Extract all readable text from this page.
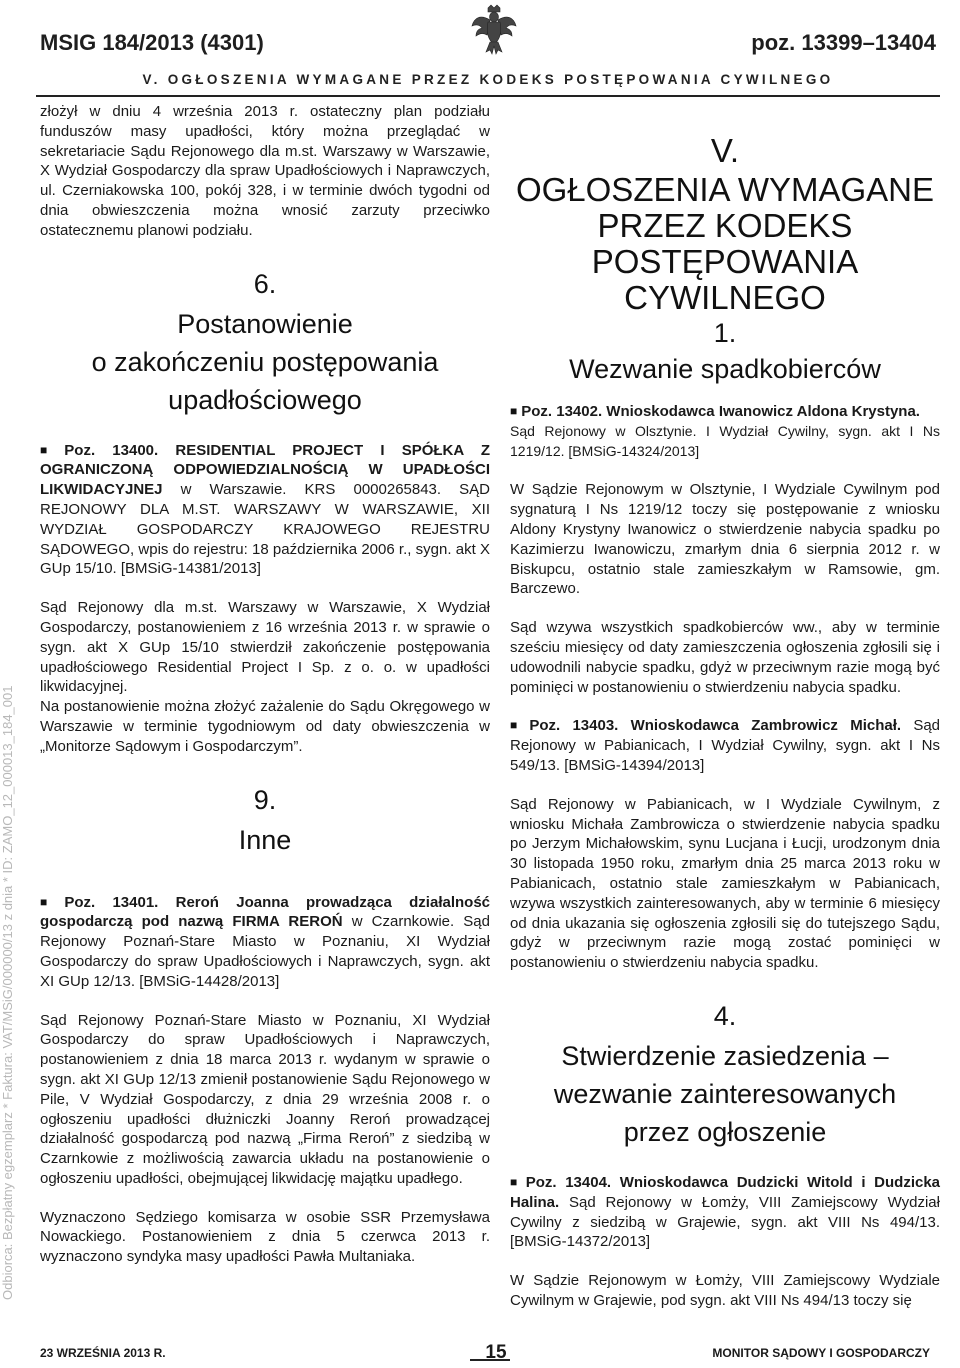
MSIG 184/2013 (4301)	poz. 13399–13404
V. OGŁOSZENIA WYMAGANE PRZEZ KODEKS POSTĘPOWANIA CYWILNEGO
Odbiorca: Bezpłatny egzemplarz * Faktura: VAT/MSiG/000000/13 z dnia * ID: ZAMO_12_000013_184_001

złożył w dniu 4 września 2013 r. ostateczny plan podziału funduszów masy upadłości, który można przeglądać w sekretariacie Sądu Rejonowego dla m.st. Warszawy w Warszawie, X Wydział Gospodarczy dla spraw Upadłościowych i Naprawczych, ul. Czerniakowska 100, pokój 328, i w terminie dwóch tygodni od dnia obwieszczenia można wnosić zarzuty przeciwko ostatecznemu planowi podziału.

6.
Postanowienie
o zakończeniu postępowania
upadłościowego

■ Poz. 13400. RESIDENTIAL PROJECT I SPÓŁKA Z OGRANICZONĄ ODPOWIEDZIALNOŚCIĄ W UPADŁOŚCI LIKWIDACYJNEJ w Warszawie. KRS 0000265843. SĄD REJONOWY DLA M.ST. WARSZAWY W WARSZAWIE, XII WYDZIAŁ GOSPODARCZY KRAJOWEGO REJESTRU SĄDOWEGO, wpis do rejestru: 18 października 2006 r., sygn. akt X GUp 15/10. [BMSiG-14381/2013]

Sąd Rejonowy dla m.st. Warszawy w Warszawie, X Wydział Gospodarczy, postanowieniem z 16 września 2013 r. w sprawie o sygn. akt X GUp 15/10 stwierdził zakończenie postępowania upadłościowego Residential Project I Sp. z o. o. w upadłości likwidacyjnej.

Na postanowienie można złożyć zażalenie do Sądu Okręgowego w Warszawie w terminie tygodniowym od daty obwieszczenia w „Monitorze Sądowym i Gospodarczym”.

9.
Inne

■ Poz. 13401. Reroń Joanna prowadząca działalność gospodarczą pod nazwą FIRMA REROŃ w Czarnkowie. Sąd Rejonowy Poznań-Stare Miasto w Poznaniu, XI Wydział Gospodarczy do spraw Upadłościowych i Naprawczych, sygn. akt XI GUp 12/13. [BMSiG-14428/2013]

Sąd Rejonowy Poznań-Stare Miasto w Poznaniu, XI Wydział Gospodarczy do spraw Upadłościowych i Naprawczych, postanowieniem z dnia 18 marca 2013 r. wydanym w sprawie o sygn. akt XI GUp 12/13 zmienił postanowienie Sądu Rejonowego w Pile, V Wydział Gospodarczy, z dnia 29 września 2008 r. o ogłoszeniu upadłości dłużniczki Joanny Reroń prowadzącej działalność gospodarczą pod nazwą „Firma Reroń” z siedzibą w Czarnkowie z możliwością zawarcia układu na postanowienie o ogłoszeniu upadłości, obejmującej likwidację majątku upadłego.

Wyznaczono Sędziego komisarza w osobie SSR Przemysława Nowackiego. Postanowieniem z dnia 5 czerwca 2013 r. wyznaczono syndyka masy upadłości Pawła Multaniaka.

V.
OGŁOSZENIA WYMAGANE
PRZEZ KODEKS
POSTĘPOWANIA CYWILNEGO
1.
Wezwanie spadkobierców

■ Poz. 13402. Wnioskodawca Iwanowicz Aldona Krystyna.

Sąd Rejonowy w Olsztynie. I Wydział Cywilny, sygn. akt I Ns 1219/12. [BMSiG-14324/2013]

W Sądzie Rejonowym w Olsztynie, I Wydziale Cywilnym pod sygnaturą I Ns 1219/12 toczy się postępowanie z wniosku Aldony Krystyny Iwanowicz o stwierdzenie nabycia spadku po Kazimierzu Iwanowiczu, zmarłym dnia 6 sierpnia 2012 r. w Biskupcu, ostatnio stale zamieszkałym w Ramsowie, gm. Barczewo.

Sąd wzywa wszystkich spadkobierców ww., aby w terminie sześciu miesięcy od daty zamieszczenia ogłoszenia zgłosili się i udowodnili nabycie spadku, gdyż w przeciwnym razie mogą być pominięci w postanowieniu o stwierdzeniu nabycia spadku.

■ Poz. 13403. Wnioskodawca Zambrowicz Michał. Sąd Rejonowy w Pabianicach, I Wydział Cywilny, sygn. akt I Ns 549/13. [BMSiG-14394/2013]

Sąd Rejonowy w Pabianicach, w I Wydziale Cywilnym, z wniosku Michała Zambrowicza o stwierdzenie nabycia spadku po Jerzym Michałowskim, synu Lucjana i Łucji, urodzonym dnia 30 listopada 1950 roku, zmarłym dnia 25 marca 2013 roku w Pabianicach, ostatnio stale zamieszkałym w Pabianicach, wzywa wszystkich zainteresowanych, aby w terminie 6 miesięcy od dnia ukazania się ogłoszenia zgłosili się do tutejszego Sądu, gdyż w przeciwnym razie mogą zostać pominięci w postanowieniu o stwierdzeniu nabycia spadku.

4.
Stwierdzenie zasiedzenia –
wezwanie zainteresowanych
przez ogłoszenie

■ Poz. 13404. Wnioskodawca Dudzicki Witold i Dudzicka Halina. Sąd Rejonowy w Łomży, VIII Zamiejscowy Wydział Cywilny z siedzibą w Grajewie, sygn. akt VIII Ns 494/13. [BMSiG-14372/2013]

W Sądzie Rejonowym w Łomży, VIII Zamiejscowy Wydziale Cywilnym w Grajewie, pod sygn. akt VIII Ns 494/13 toczy się

23 WRZEŚNIA 2013 R.	15	MONITOR SĄDOWY I GOSPODARCZY
